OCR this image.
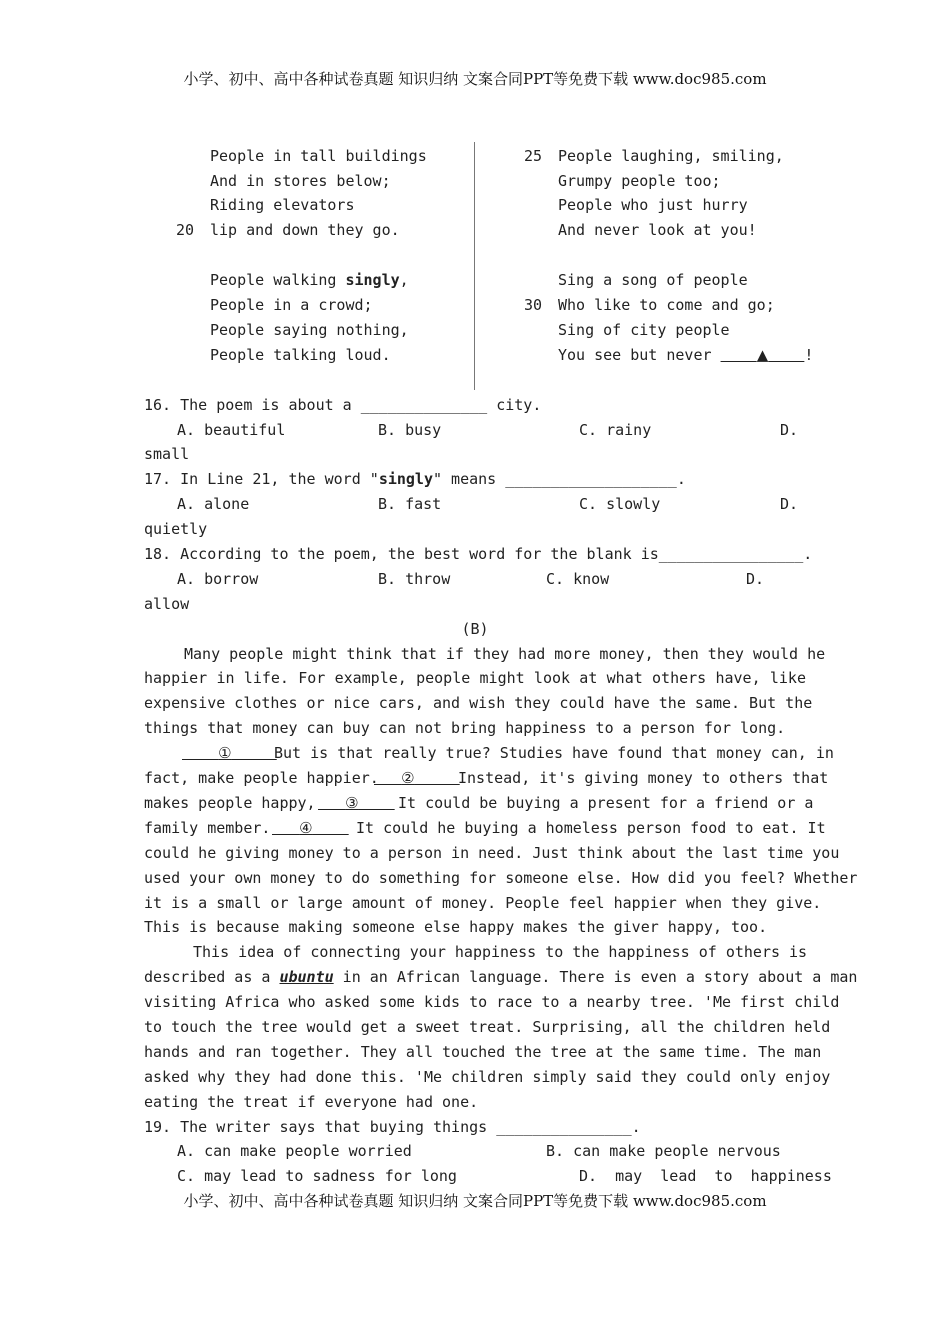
小学、初中、高中各种试卷真题 知识归纳 文案合同PPT等免费下载 www.doc985.com
People in tall buildings
And in stores below;
Riding elevators
20 lip and down they go.
People walking singly,
People in a crowd;
People saying nothing,
People talking loud.
25 People laughing, smiling,
Grumpy people too;
People who just hurry
And never look at you!
Sing a song of people
30 Who like to come and go;
Sing of city people
You see but never     ▲ !
16. The poem is about a ______________ city.
A. beautiful	B. busy	C. rainy	D.
small
17. In Line 21, the word "singly" means ___________________.
A. alone	B. fast	C. slowly	D.
quietly
18. According to the poem, the best word for the blank is________________.
A. borrow	B. throw	C. know	D.
allow
(B)
Many people might think that if they had more money, then they would he
happier in life. For example, people might look at what others have, like
expensive clothes or nice cars, and wish they could have the same. But the
things that money can buy can not bring happiness to a person for long.
①	But is that really true? Studies have found that money can, in
fact, make people happier.	②	Instead, it's giving money to others that
makes people happy,	③	It could be buying a present for a friend or a
family member.	④	It could he buying a homeless person food to eat. It
could he giving money to a person in need. Just think about the last time you
used your own money to do something for someone else. How did you feel? Whether
it is a small or large amount of money. People feel happier when they give.
This is because making someone else happy makes the giver happy, too.
This idea of connecting your happiness to the happiness of others is
described as a ubuntu in an African language. There is even a story about a man
visiting Africa who asked some kids to race to a nearby tree. 'Me first child
to touch the tree would get a sweet treat. Surprising, all the children held
hands and ran together. They all touched the tree at the same time. The man
asked why they had done this. 'Me children simply said they could only enjoy
eating the treat if everyone had one.
19. The writer says that buying things _______________.
A. can make people worried	B. can make people nervous
C. may lead to sadness for long	D.  may  lead  to  happiness
小学、初中、高中各种试卷真题 知识归纳 文案合同PPT等免费下载 www.doc985.com
